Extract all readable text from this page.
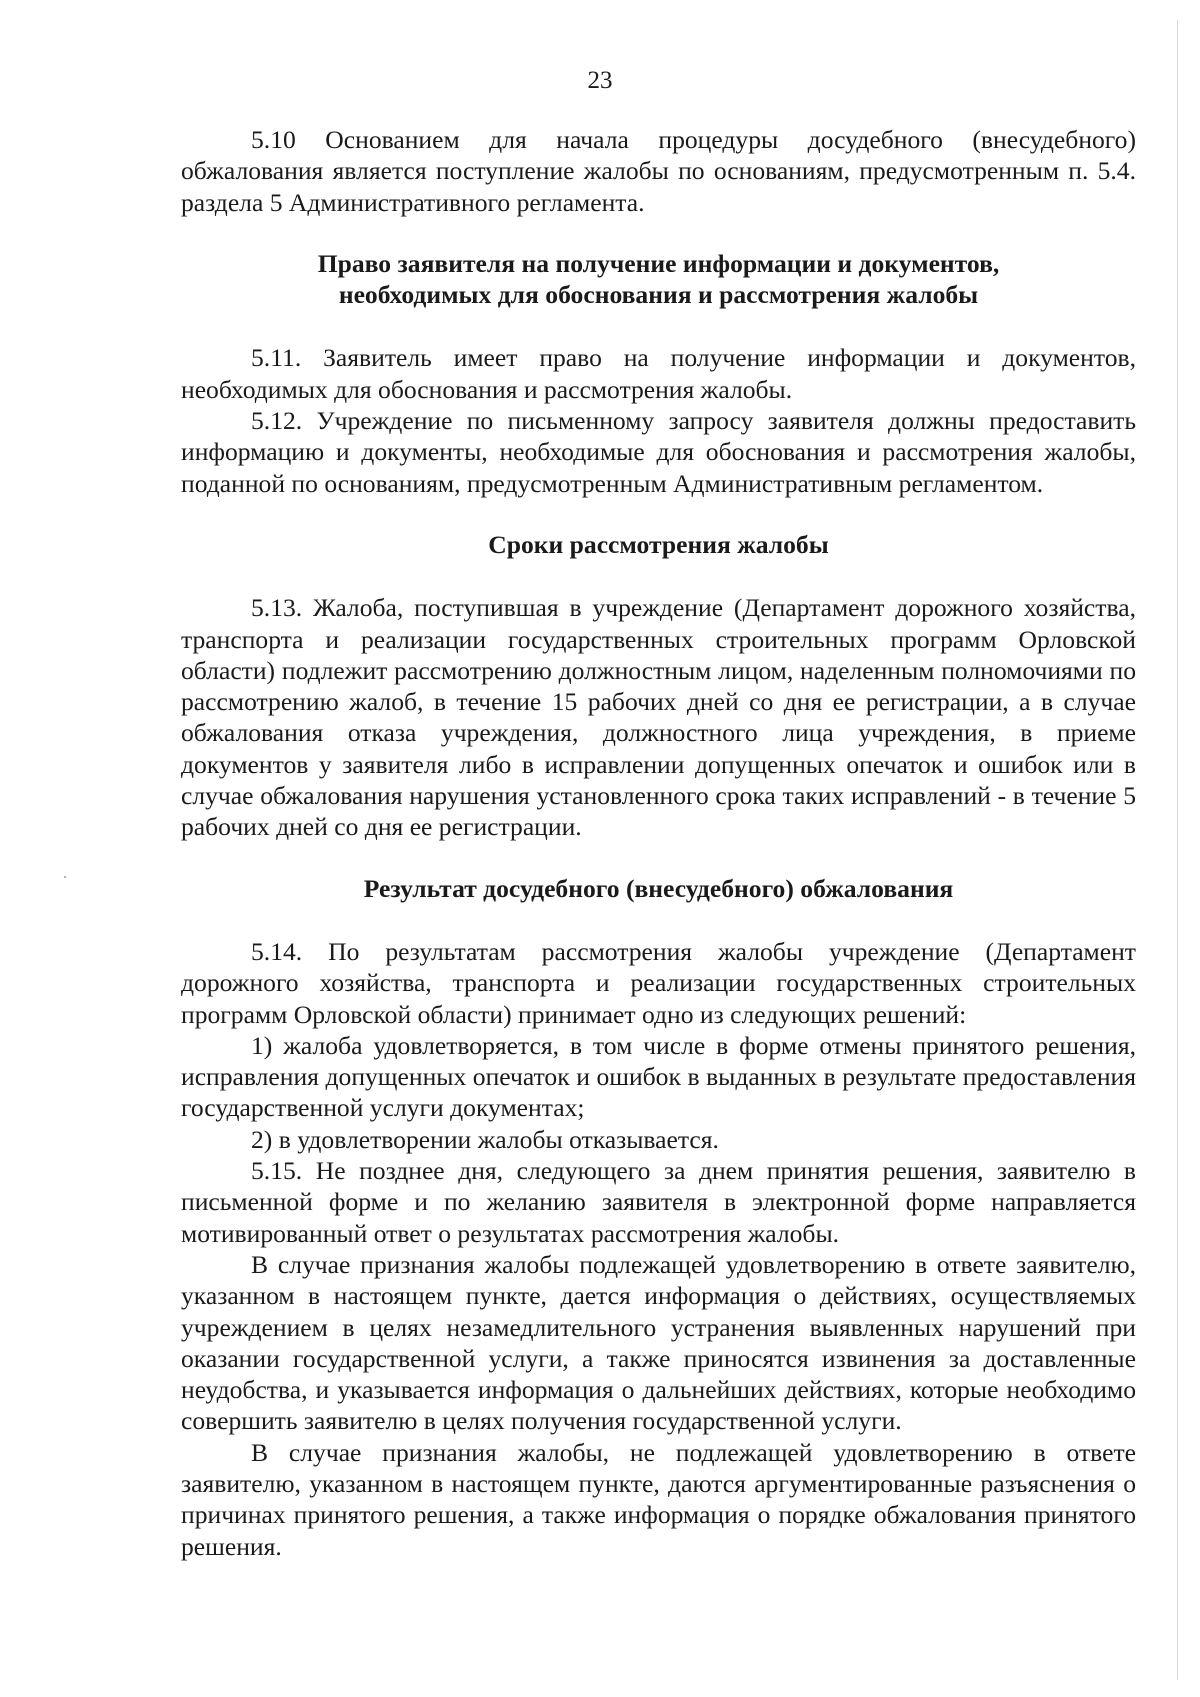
23

5.10 Основанием для начала процедуры досудебного (внесудебного) обжалования является поступление жалобы по основаниям, предусмотренным п. 5.4. раздела 5 Административного регламента.

Право заявителя на получение информации и документов,

необходимых для обоснования и рассмотрения жалобы

5.11. Заявитель имеет право на получение информации и документов, необходимых для обоснования и рассмотрения жалобы.

5.12. Учреждение по письменному запросу заявителя должны предоставить информацию и документы, необходимые для обоснования и рассмотрения жалобы, поданной по основаниям, предусмотренным Административным регламентом.

Сроки рассмотрения жалобы

5.13. Жалоба, поступившая в учреждение (Департамент дорожного хозяйства, транспорта и реализации государственных строительных программ Орловской области) подлежит рассмотрению должностным лицом, наделенным полномочиями по рассмотрению жалоб, в течение 15 рабочих дней со дня ее регистрации, а в случае обжалования отказа учреждения, должностного лица учреждения, в приеме документов у заявителя либо в исправлении допущенных опечаток и ошибок или в случае обжалования нарушения установленного срока таких исправлений - в течение 5 рабочих дней со дня ее регистрации.

Результат досудебного (внесудебного) обжалования

5.14. По результатам рассмотрения жалобы учреждение (Департамент дорожного хозяйства, транспорта и реализации государственных строительных программ Орловской области) принимает одно из следующих решений:

1) жалоба удовлетворяется, в том числе в форме отмены принятого решения, исправления допущенных опечаток и ошибок в выданных в результате предоставления государственной услуги документах;

2) в удовлетворении жалобы отказывается.

5.15. Не позднее дня, следующего за днем принятия решения, заявителю в письменной форме и по желанию заявителя в электронной форме направляется мотивированный ответ о результатах рассмотрения жалобы.

В случае признания жалобы подлежащей удовлетворению в ответе заявителю, указанном в настоящем пункте, дается информация о действиях, осуществляемых учреждением в целях незамедлительного устранения выявленных нарушений при оказании государственной услуги, а также приносятся извинения за доставленные неудобства, и указывается информация о дальнейших действиях, которые необходимо совершить заявителю в целях получения государственной услуги.

В случае признания жалобы, не подлежащей удовлетворению в ответе заявителю, указанном в настоящем пункте, даются аргументированные разъяснения о причинах принятого решения, а также информация о порядке обжалования принятого решения.
